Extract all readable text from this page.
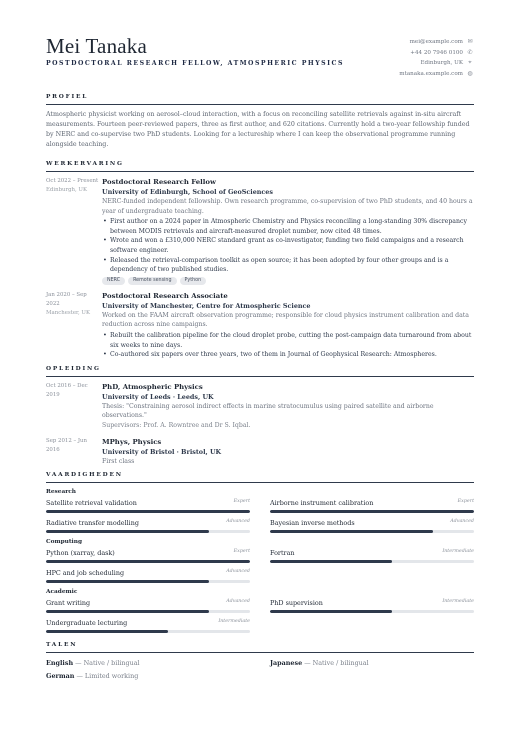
Mei Tanaka
POSTDOCTORAL RESEARCH FELLOW, ATMOSPHERIC PHYSICS
mei@example.com ✉
+44 20 7946 0100 ✆
Edinburgh, UK ⌖
mtanaka.example.com ◍
PROFIEL
Atmospheric physicist working on aerosol–cloud interaction, with a focus on reconciling satellite retrievals against in-situ aircraft measurements. Fourteen peer-reviewed papers, three as first author, and 620 citations. Currently hold a two-year fellowship funded by NERC and co-supervise two PhD students. Looking for a lectureship where I can keep the observational programme running alongside teaching.
WERKERVARING
Oct 2022 – Present
Edinburgh, UK
Postdoctoral Research Fellow
University of Edinburgh, School of GeoSciences
NERC-funded independent fellowship. Own research programme, co-supervision of two PhD students, and 40 hours a year of undergraduate teaching.
• First author on a 2024 paper in Atmospheric Chemistry and Physics reconciling a long-standing 30% discrepancy between MODIS retrievals and aircraft-measured droplet number, now cited 48 times.
• Wrote and won a £310,000 NERC standard grant as co-investigator, funding two field campaigns and a research software engineer.
• Released the retrieval-comparison toolkit as open source; it has been adopted by four other groups and is a dependency of two published studies.
NERC	Remote sensing	Python
Jan 2020 – Sep 2022
Manchester, UK
Postdoctoral Research Associate
University of Manchester, Centre for Atmospheric Science
Worked on the FAAM aircraft observation programme; responsible for cloud physics instrument calibration and data reduction across nine campaigns.
• Rebuilt the calibration pipeline for the cloud droplet probe, cutting the post-campaign data turnaround from about six weeks to nine days.
• Co-authored six papers over three years, two of them in Journal of Geophysical Research: Atmospheres.
OPLEIDING
Oct 2016 – Dec 2019
PhD, Atmospheric Physics
University of Leeds · Leeds, UK
Thesis: "Constraining aerosol indirect effects in marine stratocumulus using paired satellite and airborne observations."
Supervisors: Prof. A. Rowntree and Dr S. Iqbal.
Sep 2012 – Jun 2016
MPhys, Physics
University of Bristol · Bristol, UK
First class
VAARDIGHEDEN
Research
Satellite retrieval validation	Expert	Airborne instrument calibration	Expert
Radiative transfer modelling	Advanced	Bayesian inverse methods	Advanced
Computing
Python (xarray, dask)	Expert	Fortran	Intermediate
HPC and job scheduling	Advanced
Academic
Grant writing	Advanced	PhD supervision	Intermediate
Undergraduate lecturing	Intermediate
TALEN
English — Native / bilingual	Japanese — Native / bilingual
German — Limited working
